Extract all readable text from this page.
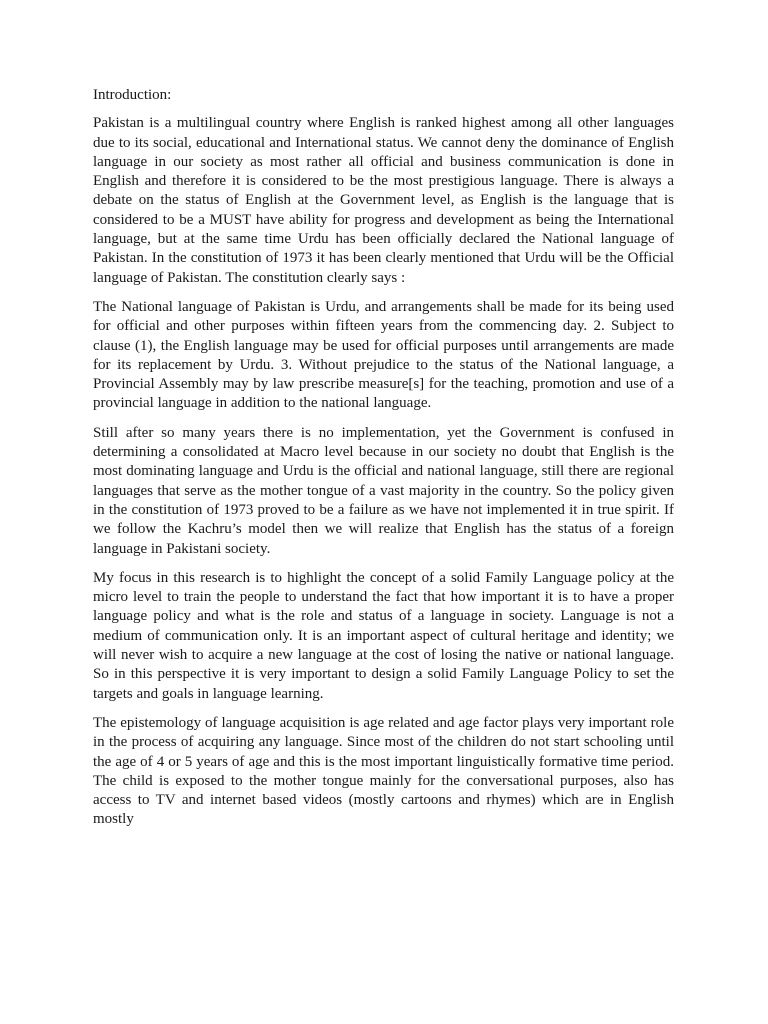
Introduction:

Pakistan is a multilingual country where English is ranked highest among all other languages due to its social, educational and International status. We cannot deny the dominance of English language in our society as most rather all official and business communication is done in English and therefore it is considered to be the most prestigious language. There is always a debate on the status of English at the Government level, as English is the language that is considered to be a MUST have ability for progress and development as being the International language, but at the same time Urdu has been officially declared the National language of Pakistan. In the constitution of 1973 it has been clearly mentioned that Urdu will be the Official language of Pakistan. The constitution clearly says :

The National language of Pakistan is Urdu, and arrangements shall be made for its being used for official and other purposes within fifteen years from the commencing day. 2. Subject to clause (1), the English language may be used for official purposes until arrangements are made for its replacement by Urdu. 3. Without prejudice to the status of the National language, a Provincial Assembly may by law prescribe measure[s] for the teaching, promotion and use of a provincial language in addition to the national language.

Still after so many years there is no implementation, yet the Government is confused in determining a consolidated at Macro level because in our society no doubt that English is the most dominating language and Urdu is the official and national language, still there are regional languages that serve as the mother tongue of a vast majority in the country. So the policy given in the constitution of 1973 proved to be a failure as we have not implemented it in true spirit. If we follow the Kachru’s model then we will realize that English has the status of a foreign language in Pakistani society.

My focus in this research is to highlight the concept of a solid Family Language policy at the micro level to train the people to understand the fact that how important it is to have a proper language policy and what is the role and status of a language in society. Language is not a medium of communication only. It is an important aspect of cultural heritage and identity; we will never wish to acquire a new language at the cost of losing the native or national language. So in this perspective it is very important to design a solid Family Language Policy to set the targets and goals in language learning.

The epistemology of language acquisition is age related and age factor plays very important role in the process of acquiring any language. Since most of the children do not start schooling until the age of 4 or 5 years of age and this is the most important linguistically formative time period. The child is exposed to the mother tongue mainly for the conversational purposes, also has access to TV and internet based videos (mostly cartoons and rhymes) which are in English mostly
